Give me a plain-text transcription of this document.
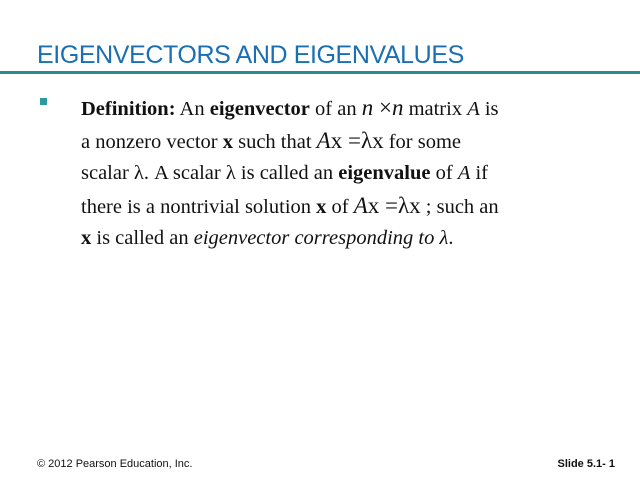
EIGENVECTORS AND EIGENVALUES
Definition: An eigenvector of an n ×n matrix A is
a nonzero vector x such that Ax =λx for some
scalar λ. A scalar λ is called an eigenvalue of A if
there is a nontrivial solution x of Ax =λx ; such an
x is called an eigenvector corresponding to λ.
© 2012 Pearson Education, Inc.	Slide 5.1- 1
